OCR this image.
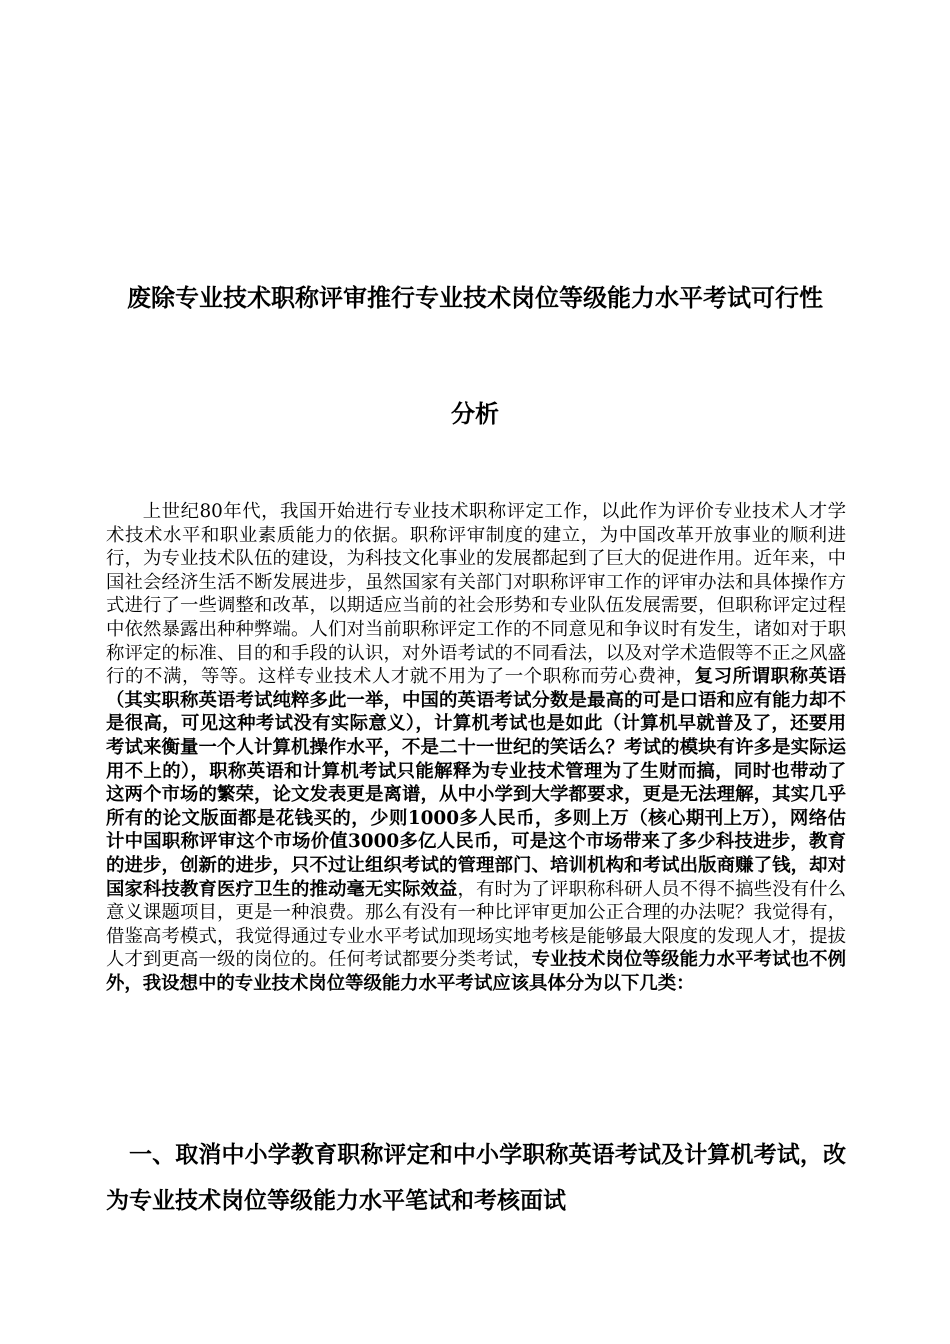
废除专业技术职称评审推行专业技术岗位等级能力水平考试可行性
分析

上世纪80年代，我国开始进行专业技术职称评定工作，以此作为评价专业技术人才学术技术水平和职业素质能力的依据。职称评审制度的建立，为中国改革开放事业的顺利进行，为专业技术队伍的建设，为科技文化事业的发展都起到了巨大的促进作用。近年来，中国社会经济生活不断发展进步，虽然国家有关部门对职称评审工作的评审办法和具体操作方式进行了一些调整和改革，以期适应当前的社会形势和专业队伍发展需要，但职称评定过程中依然暴露出种种弊端。人们对当前职称评定工作的不同意见和争议时有发生，诸如对于职称评定的标准、目的和手段的认识，对外语考试的不同看法，以及对学术造假等不正之风盛行的不满，等等。这样专业技术人才就不用为了一个职称而劳心费神，复习所谓职称英语（其实职称英语考试纯粹多此一举，中国的英语考试分数是最高的可是口语和应有能力却不是很高，可见这种考试没有实际意义），计算机考试也是如此（计算机早就普及了，还要用考试来衡量一个人计算机操作水平，不是二十一世纪的笑话么？考试的模块有许多是实际运用不上的），职称英语和计算机考试只能解释为专业技术管理为了生财而搞，同时也带动了这两个市场的繁荣，论文发表更是离谱，从中小学到大学都要求，更是无法理解，其实几乎所有的论文版面都是花钱买的，少则1000多人民币，多则上万（核心期刊上万），网络估计中国职称评审这个市场价值3000多亿人民币，可是这个市场带来了多少科技进步，教育的进步，创新的进步，只不过让组织考试的管理部门、培训机构和考试出版商赚了钱，却对国家科技教育医疗卫生的推动毫无实际效益，有时为了评职称科研人员不得不搞些没有什么意义课题项目，更是一种浪费。那么有没有一种比评审更加公正合理的办法呢？我觉得有，借鉴高考模式，我觉得通过专业水平考试加现场实地考核是能够最大限度的发现人才，提拔人才到更高一级的岗位的。任何考试都要分类考试，专业技术岗位等级能力水平考试也不例外，我设想中的专业技术岗位等级能力水平考试应该具体分为以下几类：

一、取消中小学教育职称评定和中小学职称英语考试及计算机考试，改为专业技术岗位等级能力水平笔试和考核面试
